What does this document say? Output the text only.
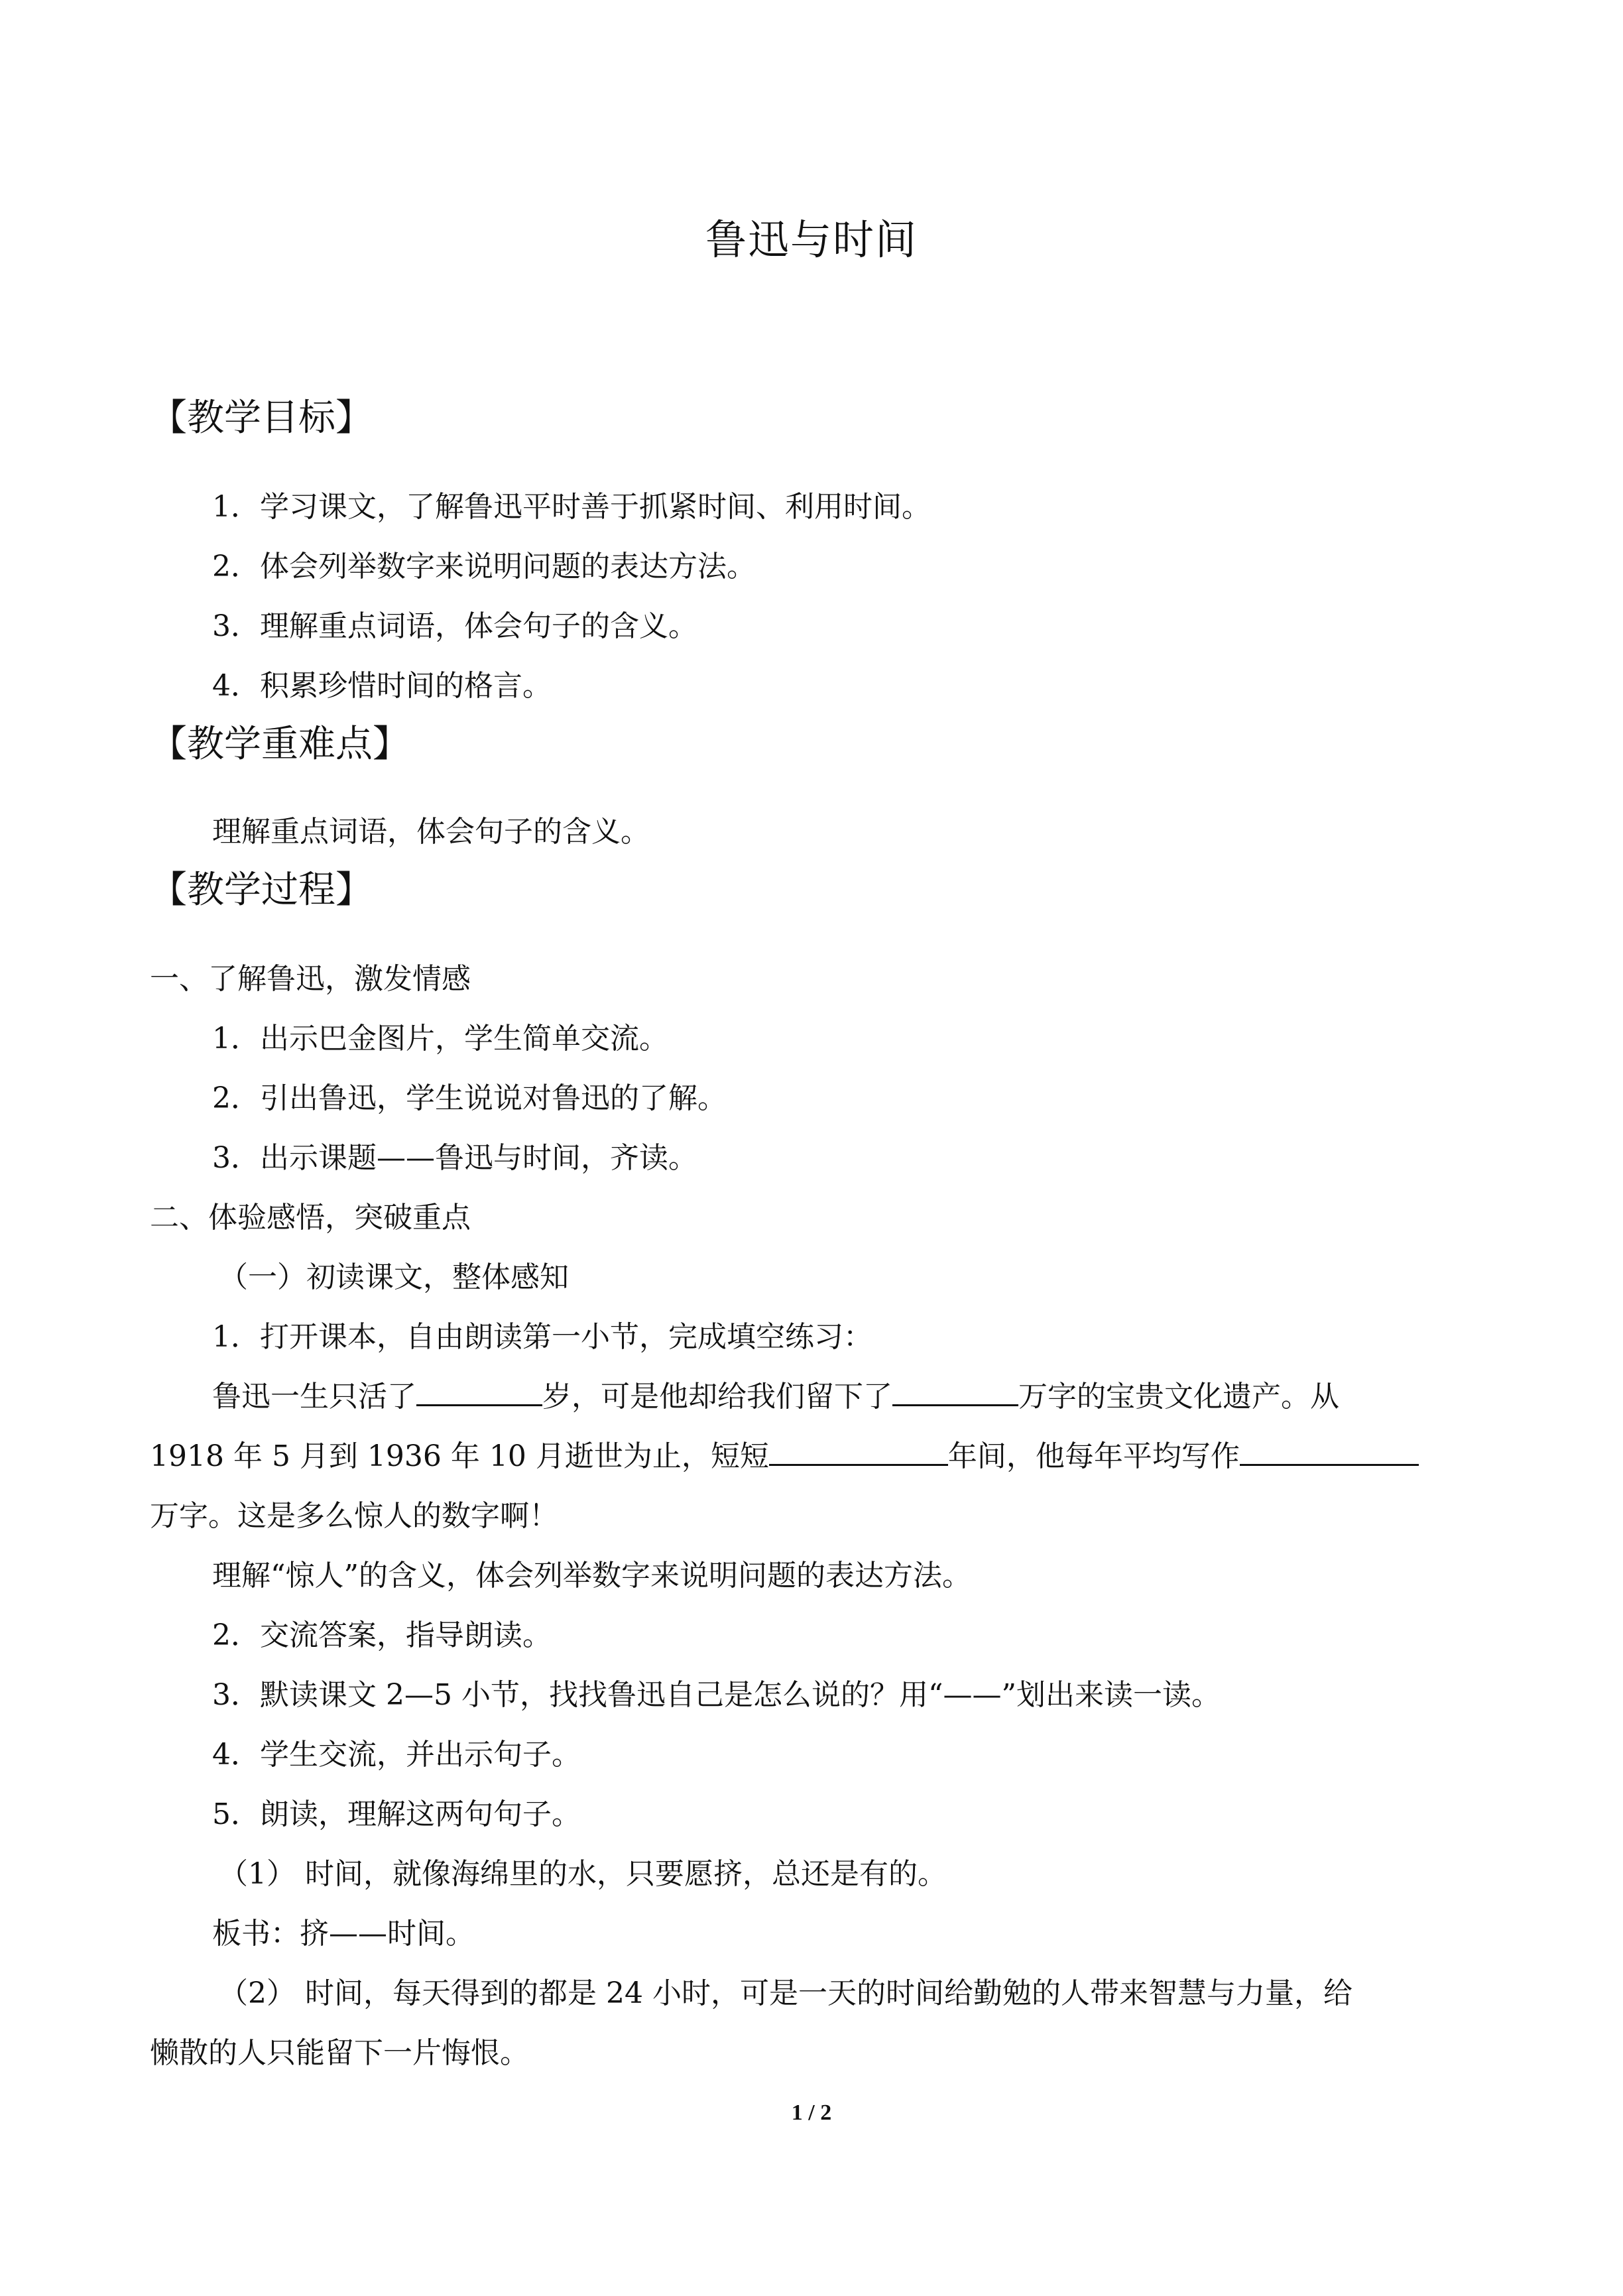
鲁迅与时间
【教学目标】
1．学习课文，了解鲁迅平时善于抓紧时间、利用时间。
2．体会列举数字来说明问题的表达方法。
3．理解重点词语，体会句子的含义。
4．积累珍惜时间的格言。
【教学重难点】
理解重点词语，体会句子的含义。
【教学过程】
一、了解鲁迅，激发情感
1．出示巴金图片，学生简单交流。
2．引出鲁迅，学生说说对鲁迅的了解。
3．出示课题——鲁迅与时间，齐读。
二、体验感悟，突破重点
（一）初读课文，整体感知
1．打开课本，自由朗读第一小节，完成填空练习：
鲁迅一生只活了	岁，可是他却给我们留下了	万字的宝贵文化遗产。从
1918 年 5 月到 1936 年 10 月逝世为止，短短	年间，他每年平均写作
万字。这是多么惊人的数字啊！
理解“惊人”的含义，体会列举数字来说明问题的表达方法。
2．交流答案，指导朗读。
3．默读课文 2—5 小节，找找鲁迅自己是怎么说的？用“——”划出来读一读。
4．学生交流，并出示句子。
5．朗读，理解这两句句子。
（1） 时间，就像海绵里的水，只要愿挤，总还是有的。
板书：挤——时间。
（2） 时间，每天得到的都是 24 小时，可是一天的时间给勤勉的人带来智慧与力量，给
懒散的人只能留下一片悔恨。
1 / 2
